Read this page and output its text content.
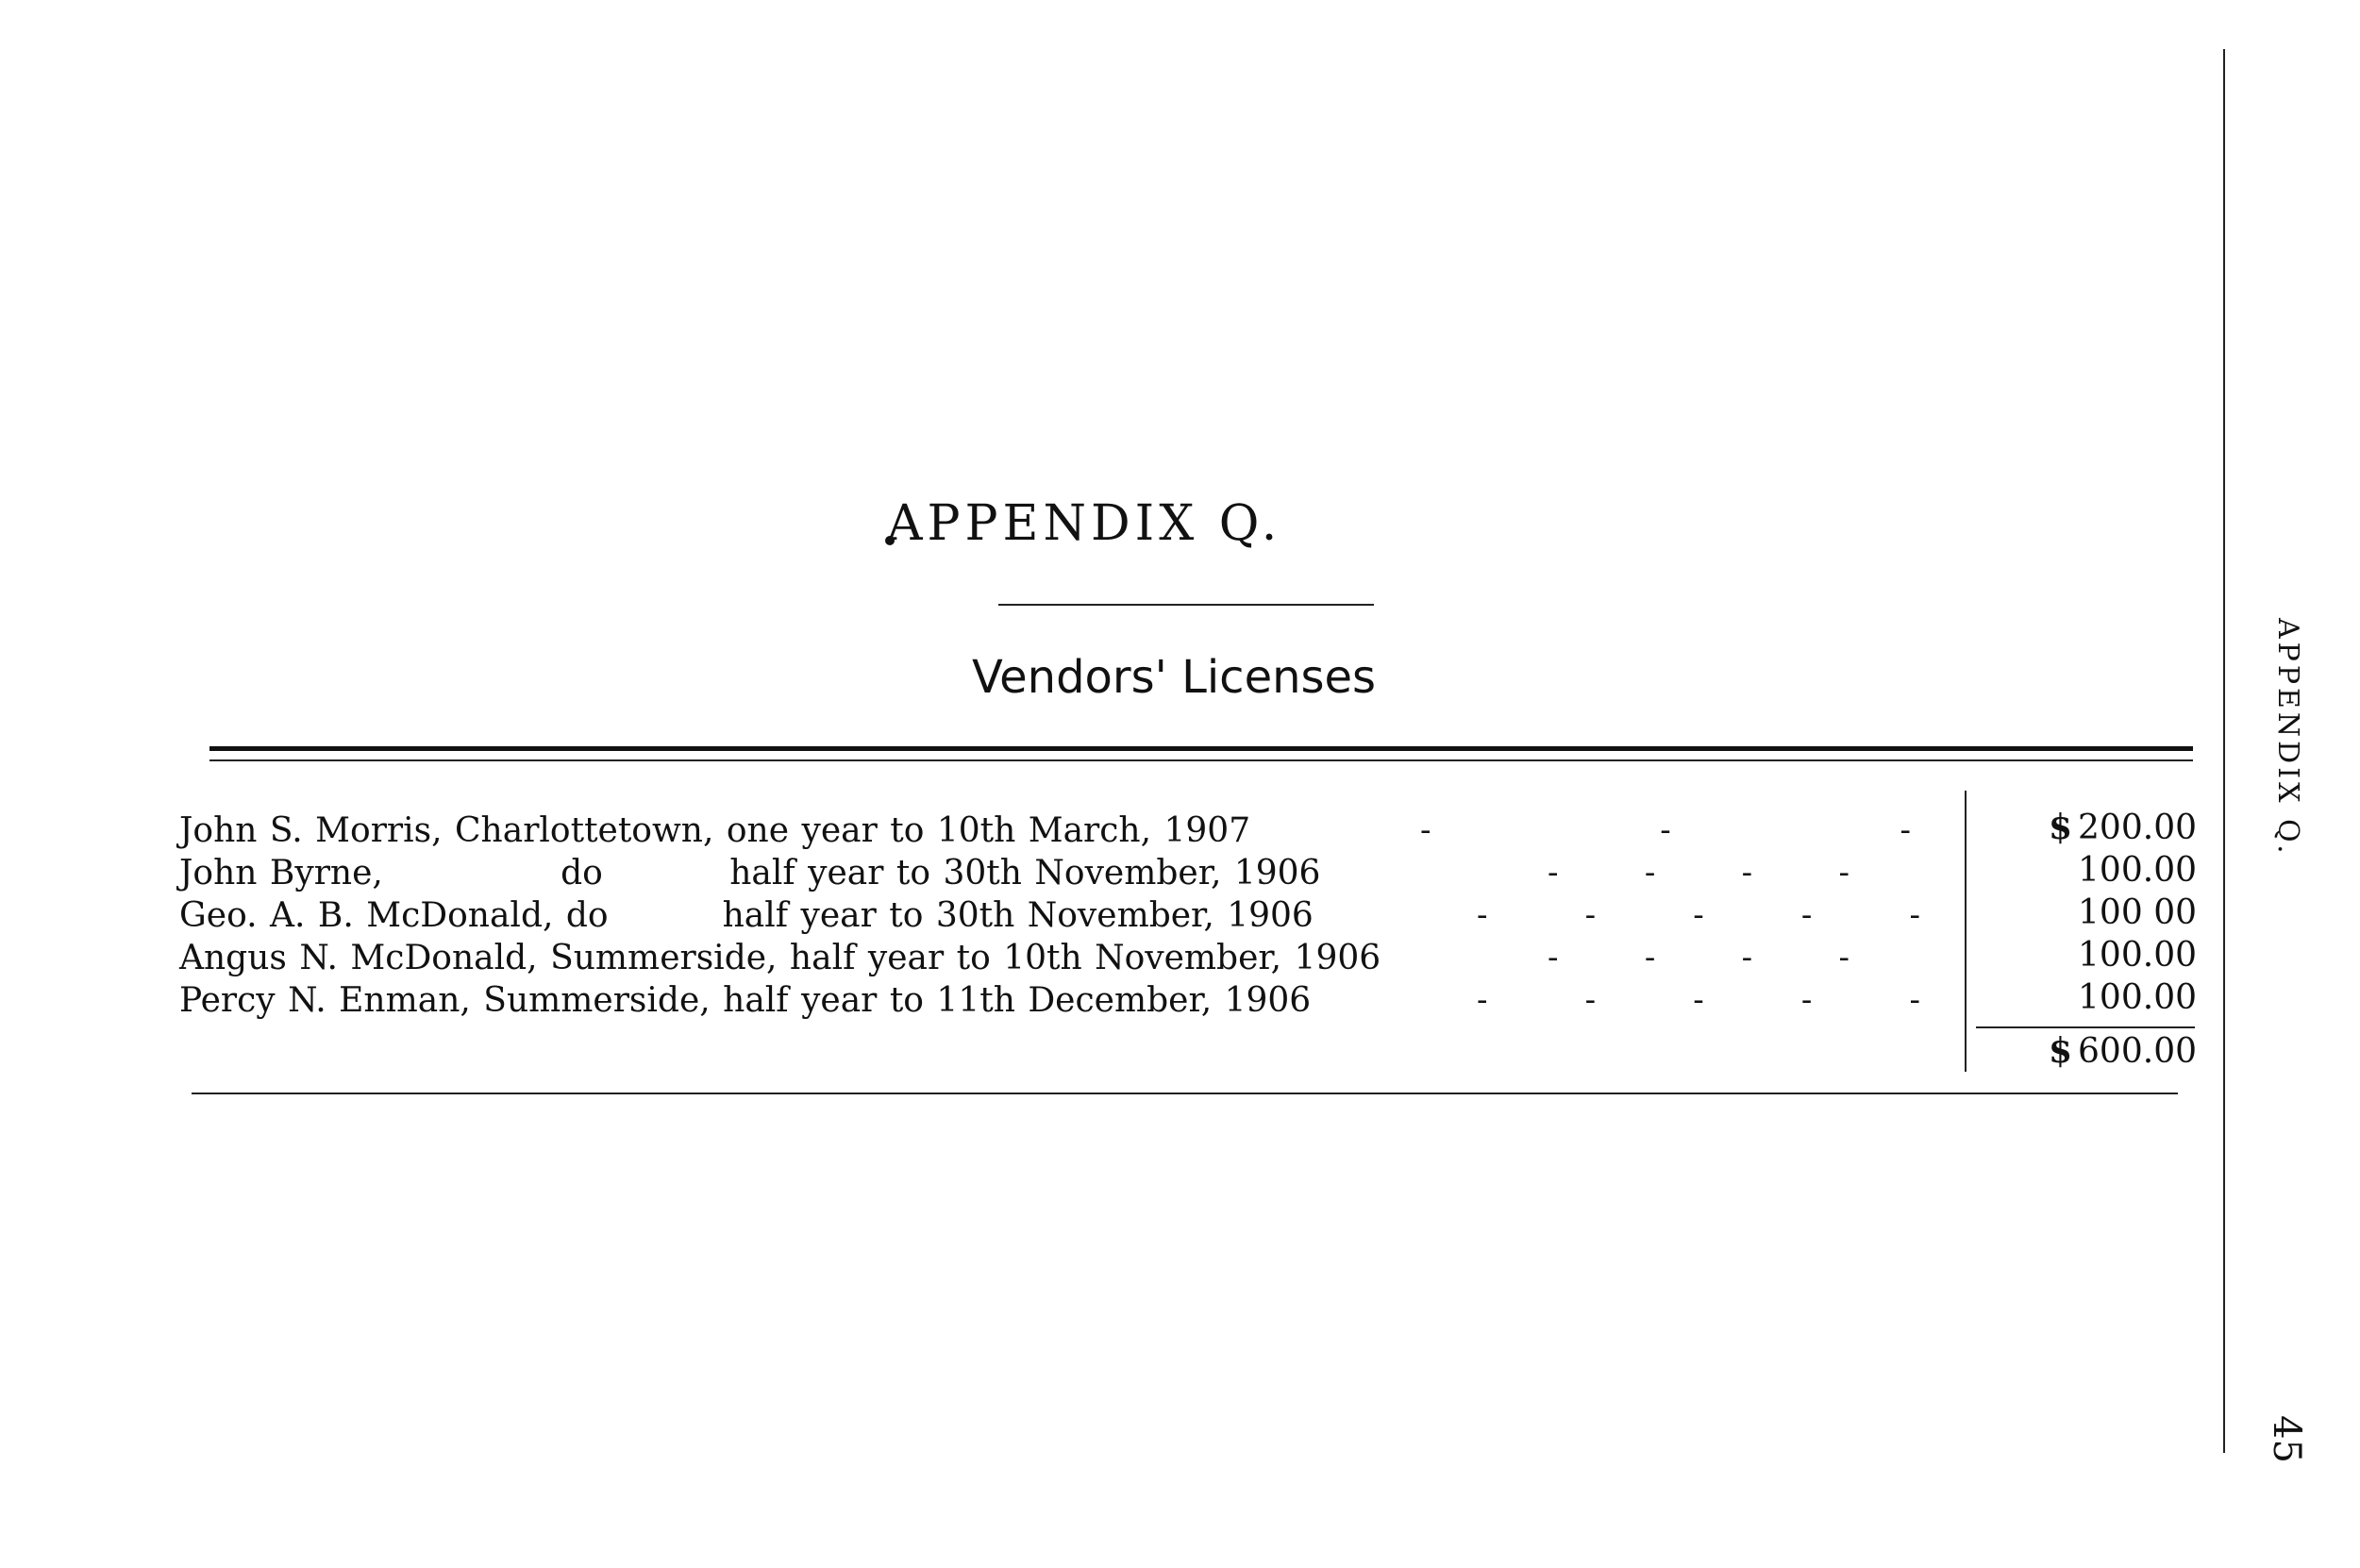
APPENDIX Q.
Vendors' Licenses
John S. Morris, Charlottetown, one year to 10th March, 1907	-	-	-	$ 200.00
John Byrne,              do          half year to 30th November, 1906	-	-	-	-	100.00
Geo. A. B. McDonald, do         half year to 30th November, 1906	-	-	-	-	-	100 00
Angus N. McDonald, Summerside, half year to 10th November, 1906	-	-	-	-	100.00
Percy N. Enman, Summerside, half year to 11th December, 1906	-	-	-	-	-	100.00
$ 600.00
APPENDIX Q.
45
